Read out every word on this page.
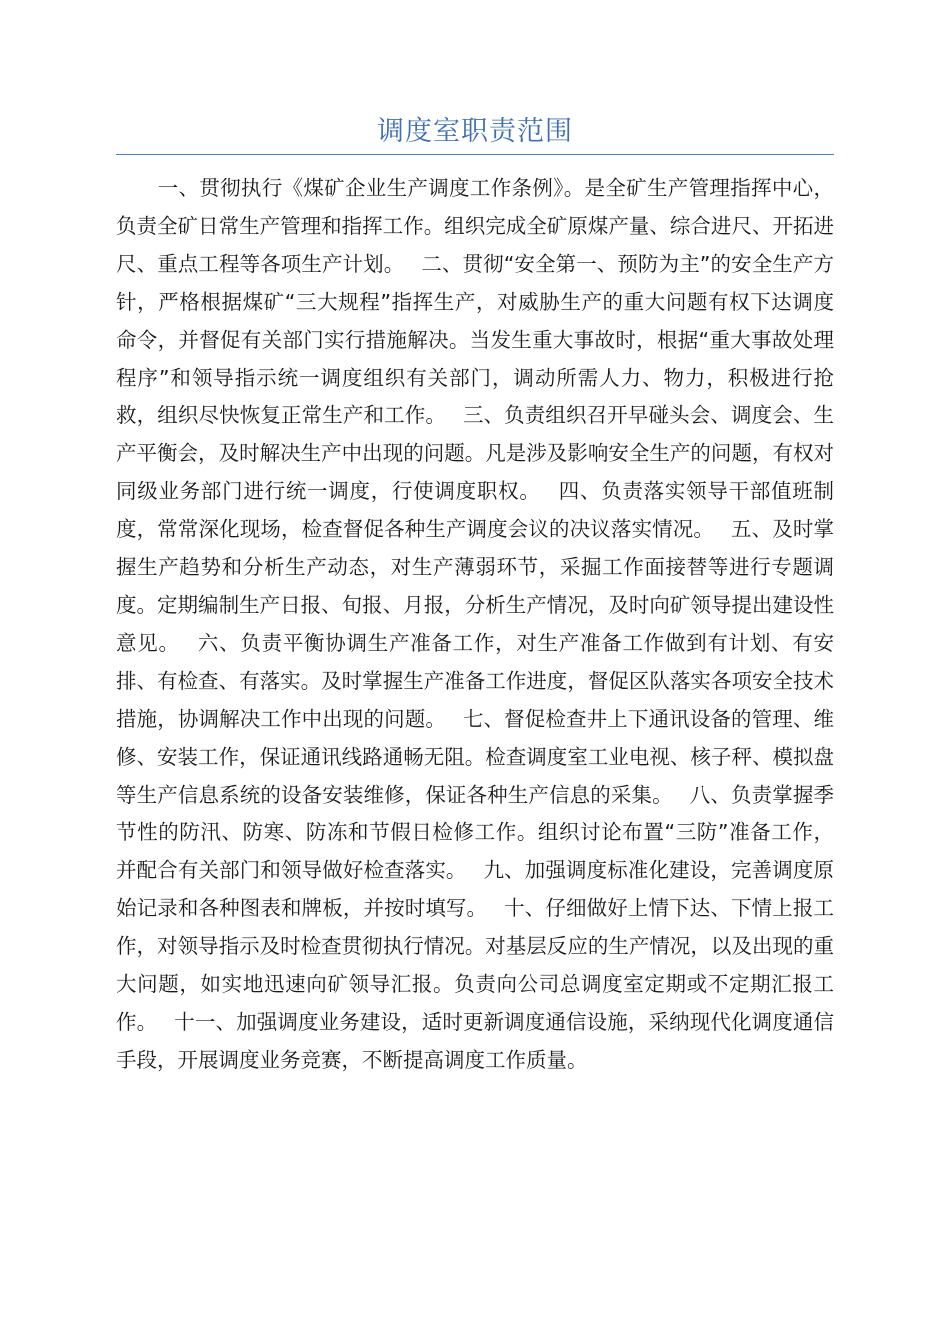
调度室职责范围

　　一、贯彻执行《煤矿企业生产调度工作条例》。是全矿生产管理指挥中心，负责全矿日常生产管理和指挥工作。组织完成全矿原煤产量、综合进尺、开拓进尺、重点工程等各项生产计划。　 二、贯彻“安全第一、预防为主”的安全生产方针，严格根据煤矿“三大规程”指挥生产，对威胁生产的重大问题有权下达调度命令，并督促有关部门实行措施解决。当发生重大事故时，根据“重大事故处理程序”和领导指示统一调度组织有关部门，调动所需人力、物力，积极进行抢救，组织尽快恢复正常生产和工作。　 三、负责组织召开早碰头会、调度会、生产平衡会，及时解决生产中出现的问题。凡是涉及影响安全生产的问题，有权对同级业务部门进行统一调度，行使调度职权。　 四、负责落实领导干部值班制度，常常深化现场，检查督促各种生产调度会议的决议落实情况。　 五、及时掌握生产趋势和分析生产动态，对生产薄弱环节，采掘工作面接替等进行专题调度。定期编制生产日报、旬报、月报，分析生产情况，及时向矿领导提出建设性意见。　 六、负责平衡协调生产准备工作，对生产准备工作做到有计划、有安排、有检查、有落实。及时掌握生产准备工作进度，督促区队落实各项安全技术措施，协调解决工作中出现的问题。　 七、督促检查井上下通讯设备的管理、维修、安装工作，保证通讯线路通畅无阻。检查调度室工业电视、核子秤、模拟盘等生产信息系统的设备安装维修，保证各种生产信息的采集。　 八、负责掌握季节性的防汛、防寒、防冻和节假日检修工作。组织讨论布置“三防”准备工作，并配合有关部门和领导做好检查落实。　 九、加强调度标准化建设，完善调度原始记录和各种图表和牌板，并按时填写。　 十、仔细做好上情下达、下情上报工作，对领导指示及时检查贯彻执行情况。对基层反应的生产情况，以及出现的重大问题，如实地迅速向矿领导汇报。负责向公司总调度室定期或不定期汇报工作。　 十一、加强调度业务建设，适时更新调度通信设施，采纳现代化调度通信手段，开展调度业务竞赛，不断提高调度工作质量。
